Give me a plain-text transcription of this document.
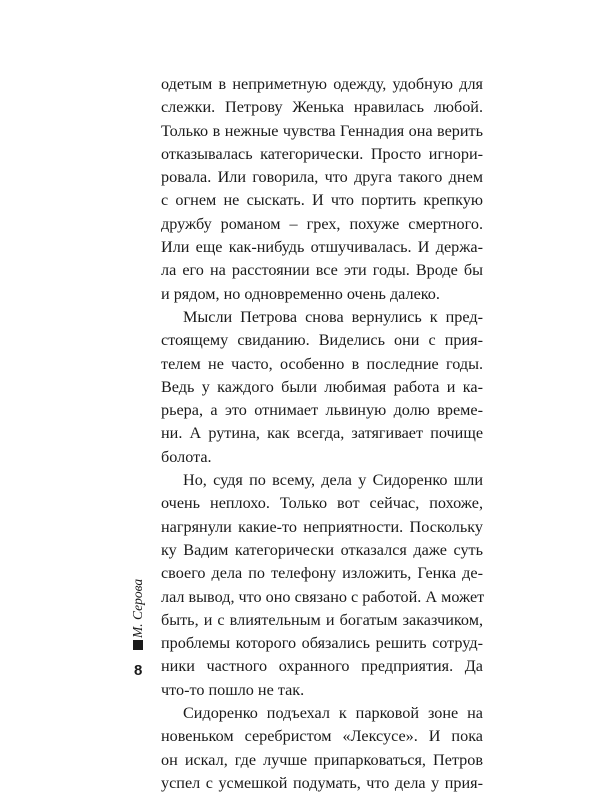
одетым в неприметную одежду, удобную для
слежки. Петрову Женька нравилась любой.
Только в нежные чувства Геннадия она верить
отказывалась категорически. Просто игнори-
ровала. Или говорила, что друга такого днем
с огнем не сыскать. И что портить крепкую
дружбу романом – грех, похуже смертного.
Или еще как-нибудь отшучивалась. И держа-
ла его на расстоянии все эти годы. Вроде бы
и рядом, но одновременно очень далеко.
Мысли Петрова снова вернулись к пред-
стоящему свиданию. Виделись они с прия-
телем не часто, особенно в последние годы.
Ведь у каждого были любимая работа и ка-
рьера, а это отнимает львиную долю време-
ни. А рутина, как всегда, затягивает почище
болота.
Но, судя по всему, дела у Сидоренко шли
очень неплохо. Только вот сейчас, похоже,
нагрянули какие-то неприятности. Поскольку
ку Вадим категорически отказался даже суть
своего дела по телефону изложить, Генка де-
лал вывод, что оно связано с работой. А может
быть, и с влиятельным и богатым заказчиком,
проблемы которого обязались решить сотруд-
ники частного охранного предприятия. Да
что-то пошло не так.
Сидоренко подъехал к парковой зоне на
новеньком серебристом «Лексусе». И пока
он искал, где лучше припарковаться, Петров
успел с усмешкой подумать, что дела у прия-
М. Серова
8
